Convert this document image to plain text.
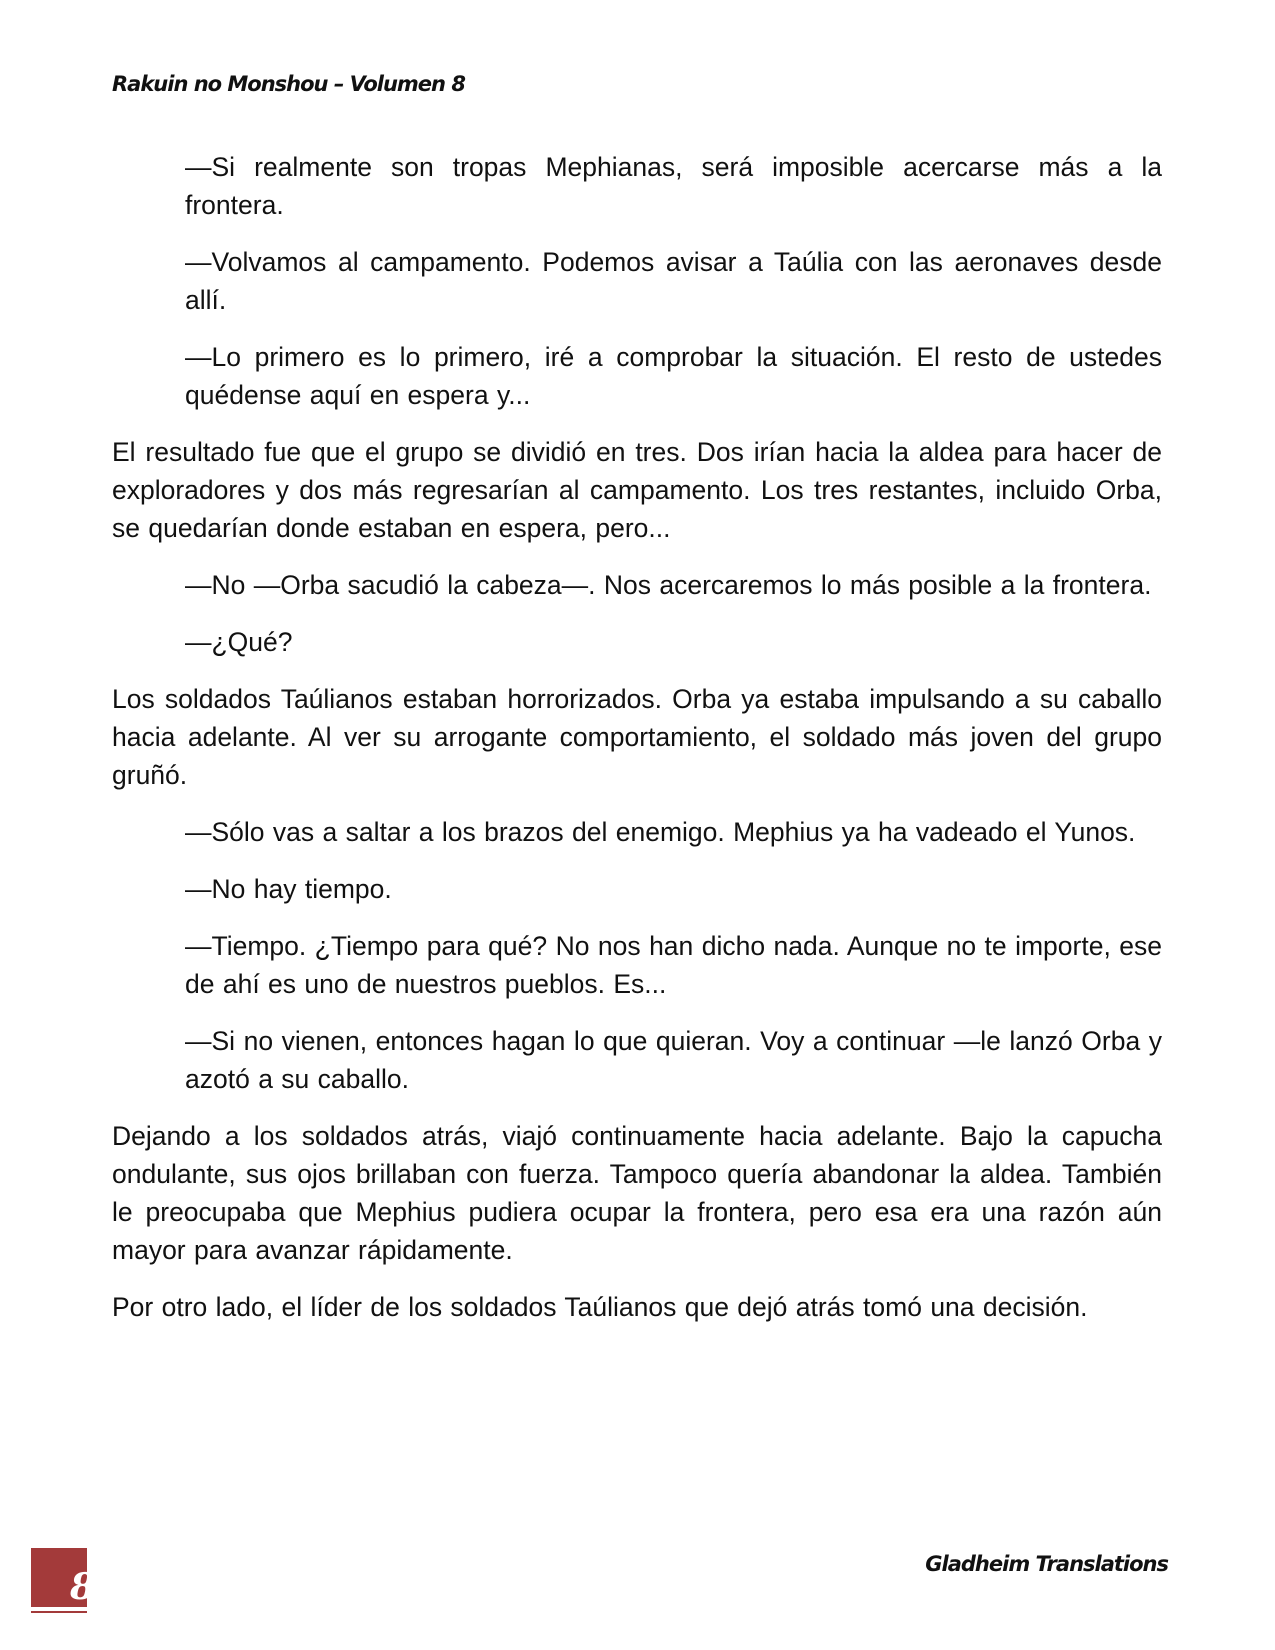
Rakuin no Monshou – Volumen 8

—Si realmente son tropas Mephianas, será imposible acercarse más a la frontera.

—Volvamos al campamento. Podemos avisar a Taúlia con las aeronaves desde allí.

—Lo primero es lo primero, iré a comprobar la situación. El resto de ustedes quédense aquí en espera y...

El resultado fue que el grupo se dividió en tres. Dos irían hacia la aldea para hacer de exploradores y dos más regresarían al campamento. Los tres restantes, incluido Orba, se quedarían donde estaban en espera, pero...

—No —Orba sacudió la cabeza—. Nos acercaremos lo más posible a la frontera.

—¿Qué?

Los soldados Taúlianos estaban horrorizados. Orba ya estaba impulsando a su caballo hacia adelante. Al ver su arrogante comportamiento, el soldado más joven del grupo gruñó.

—Sólo vas a saltar a los brazos del enemigo. Mephius ya ha vadeado el Yunos.

—No hay tiempo.

—Tiempo. ¿Tiempo para qué? No nos han dicho nada. Aunque no te importe, ese de ahí es uno de nuestros pueblos. Es...

—Si no vienen, entonces hagan lo que quieran. Voy a continuar —le lanzó Orba y azotó a su caballo.

Dejando a los soldados atrás, viajó continuamente hacia adelante. Bajo la capucha ondulante, sus ojos brillaban con fuerza. Tampoco quería abandonar la aldea. También le preocupaba que Mephius pudiera ocupar la frontera, pero esa era una razón aún mayor para avanzar rápidamente.

Por otro lado, el líder de los soldados Taúlianos que dejó atrás tomó una decisión.

8
Gladheim Translations
